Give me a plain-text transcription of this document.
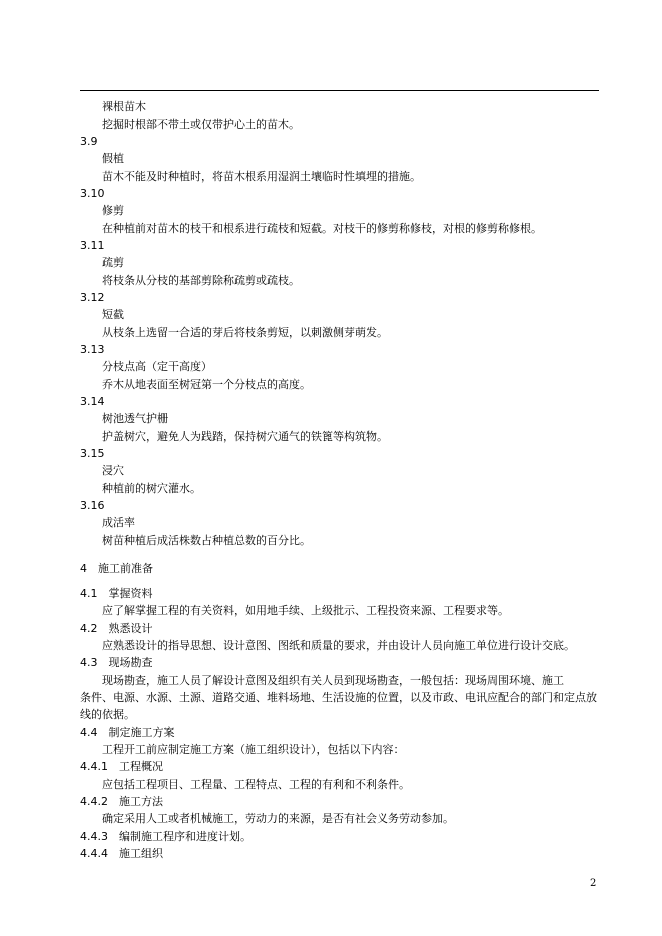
裸根苗木
挖掘时根部不带土或仅带护心土的苗木。
3.9
假植
苗木不能及时种植时，将苗木根系用湿润土壤临时性填埋的措施。
3.10
修剪
在种植前对苗木的枝干和根系进行疏枝和短截。对枝干的修剪称修枝，对根的修剪称修根。
3.11
疏剪
将枝条从分枝的基部剪除称疏剪或疏枝。
3.12
短截
从枝条上选留一合适的芽后将枝条剪短，以刺激侧芽萌发。
3.13
分枝点高（定干高度）
乔木从地表面至树冠第一个分枝点的高度。
3.14
树池透气护栅
护盖树穴，避免人为践踏，保持树穴通气的铁篦等构筑物。
3.15
浸穴
种植前的树穴灌水。
3.16
成活率
树苗种植后成活株数占种植总数的百分比。
4　施工前准备
4.1　掌握资料
应了解掌握工程的有关资料，如用地手续、上级批示、工程投资来源、工程要求等。
4.2　熟悉设计
应熟悉设计的指导思想、设计意图、图纸和质量的要求，并由设计人员向施工单位进行设计交底。
4.3　现场勘查
现场勘查，施工人员了解设计意图及组织有关人员到现场勘查，一般包括：现场周围环境、施工
条件、电源、水源、土源、道路交通、堆料场地、生活设施的位置，以及市政、电讯应配合的部门和定点放
线的依据。
4.4　制定施工方案
工程开工前应制定施工方案（施工组织设计），包括以下内容：
4.4.1　工程概况
应包括工程项目、工程量、工程特点、工程的有利和不利条件。
4.4.2　施工方法
确定采用人工或者机械施工，劳动力的来源，是否有社会义务劳动参加。
4.4.3　编制施工程序和进度计划。
4.4.4　施工组织
2
